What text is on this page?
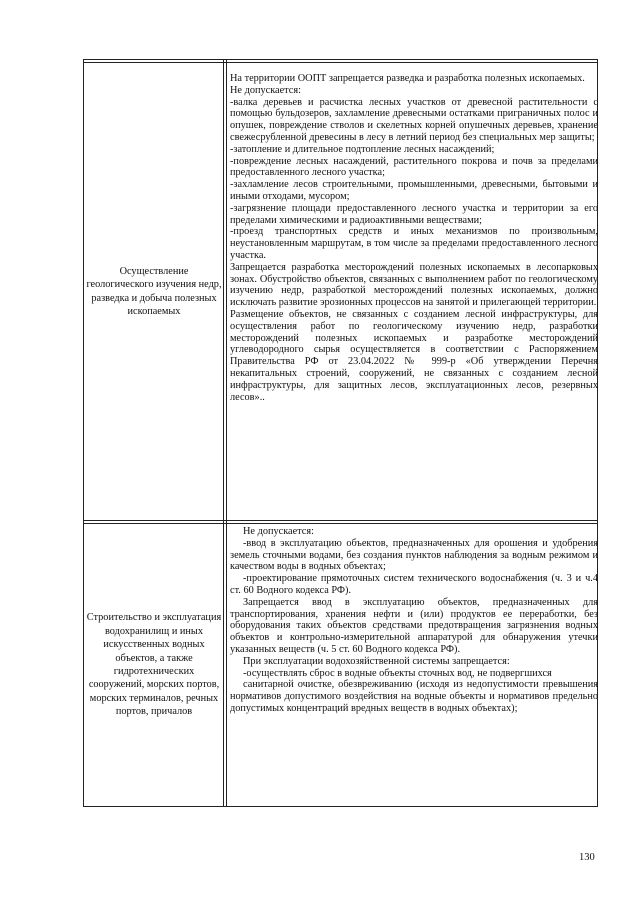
Осуществление геологического изучения недр, разведка и добыча полезных ископаемых

На территории ООПТ запрещается разведка и разработка полезных ископаемых.

Не допускается:

-валка деревьев и расчистка лесных участков от древесной растительности с помощью бульдозеров, захламление древесными остатками приграничных полос и опушек, повреждение стволов и скелетных корней опушечных деревьев, хранение свежесрубленной древесины в лесу в летний период без специальных мер защиты;

-затопление и длительное подтопление лесных насаждений;

-повреждение лесных насаждений, растительного покрова и почв за пределами предоставленного лесного участка;

-захламление лесов строительными, промышленными, древесными, бытовыми и иными отходами, мусором;

-загрязнение площади предоставленного лесного участка и территории за его пределами химическими и радиоактивными веществами;

-проезд транспортных средств и иных механизмов по произвольным, неустановленным маршрутам, в том числе за пределами предоставленного лесного участка.

Запрещается разработка месторождений полезных ископаемых в лесопарковых зонах. Обустройство объектов, связанных с выполнением работ по геологическому изучению недр, разработкой месторождений полезных ископаемых, должно исключать развитие эрозионных процессов на занятой и прилегающей территории.

Размещение объектов, не связанных с созданием лесной инфраструктуры, для осуществления работ по геологическому изучению недр, разработки месторождений полезных ископаемых и разработке месторождений углеводородного сырья осуществляется в соответствии с Распоряжением Правительства РФ от 23.04.2022 № 999-р «Об утверждении Перечня некапитальных строений, сооружений, не связанных с созданием лесной инфраструктуры, для защитных лесов, эксплуатационных лесов, резервных лесов»..

Строительство и эксплуатация водохранилищ и иных искусственных водных объектов, а также гидротехнических сооружений, морских портов, морских терминалов, речных портов, причалов

Не допускается:

-ввод в эксплуатацию объектов, предназначенных для орошения и удобрения земель сточными водами, без создания пунктов наблюдения за водным режимом и качеством воды в водных объектах;

-проектирование прямоточных систем технического водоснабжения (ч. 3 и ч.4 ст. 60 Водного кодекса РФ).

Запрещается ввод в эксплуатацию объектов, предназначенных для транспортирования, хранения нефти и (или) продуктов ее переработки, без оборудования таких объектов средствами предотвращения загрязнения водных объектов и контрольно-измерительной аппаратурой для обнаружения утечки указанных веществ (ч. 5 ст. 60 Водного кодекса РФ).

При эксплуатации водохозяйственной системы запрещается:

-осуществлять сброс в водные объекты сточных вод, не подвергшихся

санитарной очистке, обезвреживанию (исходя из недопустимости превышения нормативов допустимого воздействия на водные объекты и нормативов предельно допустимых концентраций вредных веществ в водных объектах);

130
